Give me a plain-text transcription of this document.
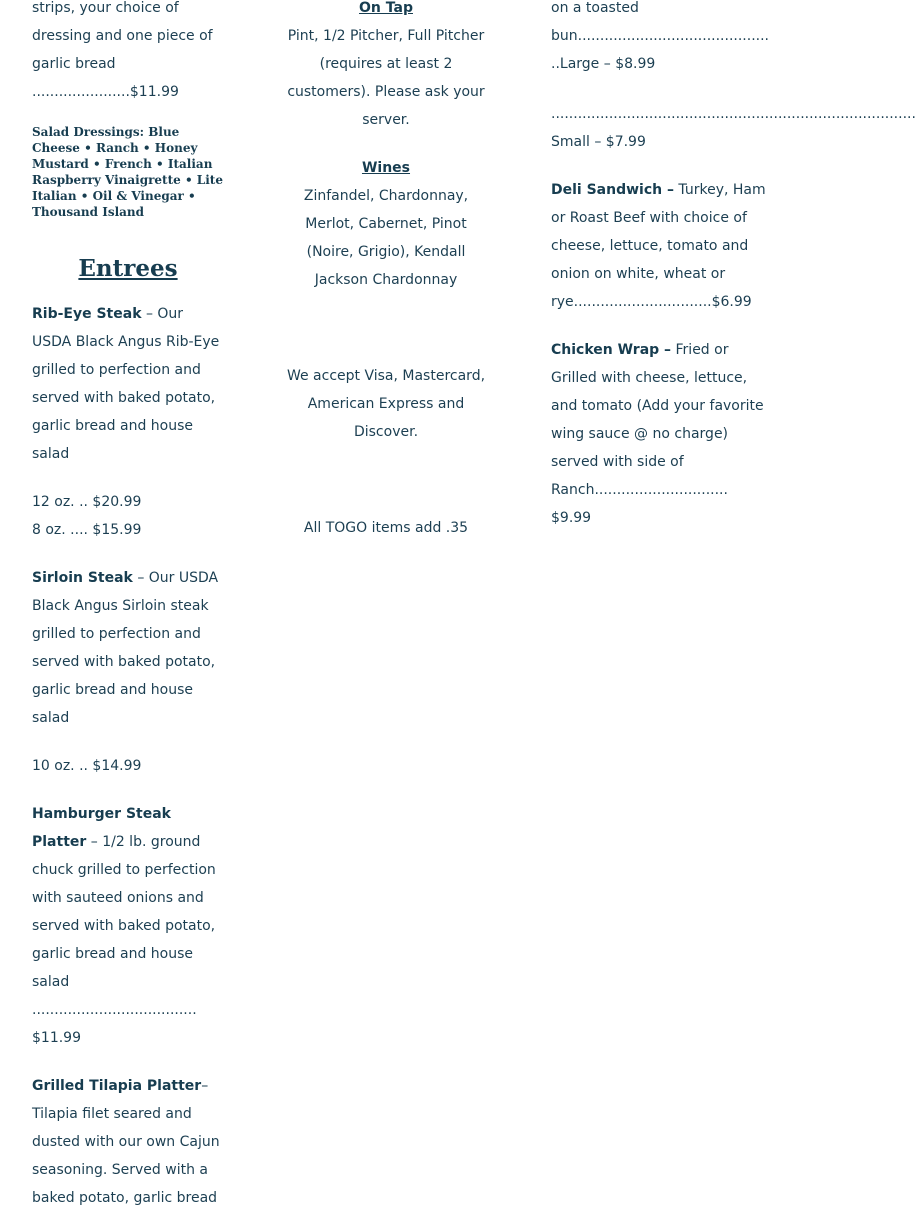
strips, your choice of dressing and one piece of garlic bread ......................$11.99

Salad Dressings: Blue Cheese • Ranch • Honey Mustard • French • Italian Raspberry Vinaigrette • Lite Italian • Oil & Vinegar • Thousand Island

Entrees

Rib-Eye Steak – Our USDA Black Angus Rib-Eye grilled to perfection and served with baked potato, garlic bread and house salad

12 oz. .. $20.99
8 oz. .... $15.99

Sirloin Steak – Our USDA Black Angus Sirloin steak grilled to perfection and served with baked potato, garlic bread and house salad

10 oz. .. $14.99

Hamburger Steak Platter – 1/2 lb. ground chuck grilled to perfection with sauteed onions and served with baked potato, garlic bread and house salad ..................................... $11.99

Grilled Tilapia Platter– Tilapia filet seared and dusted with our own Cajun seasoning. Served with a baked potato, garlic bread

On Tap
Pint, 1/2 Pitcher, Full Pitcher (requires at least 2 customers). Please ask your server.

Wines
Zinfandel, Chardonnay, Merlot, Cabernet, Pinot (Noire, Grigio), Kendall Jackson Chardonnay

We accept Visa, Mastercard, American Express and Discover.

All TOGO items add .35

on a toasted bun.............................................Large – $8.99

..................................................................................

Small – $7.99

Deli Sandwich – Turkey, Ham or Roast Beef with choice of cheese, lettuce, tomato and onion on white, wheat or rye...............................$6.99

Chicken Wrap – Fried or Grilled with cheese, lettuce, and tomato (Add your favorite wing sauce @ no charge) served with side of Ranch.............................. $9.99
